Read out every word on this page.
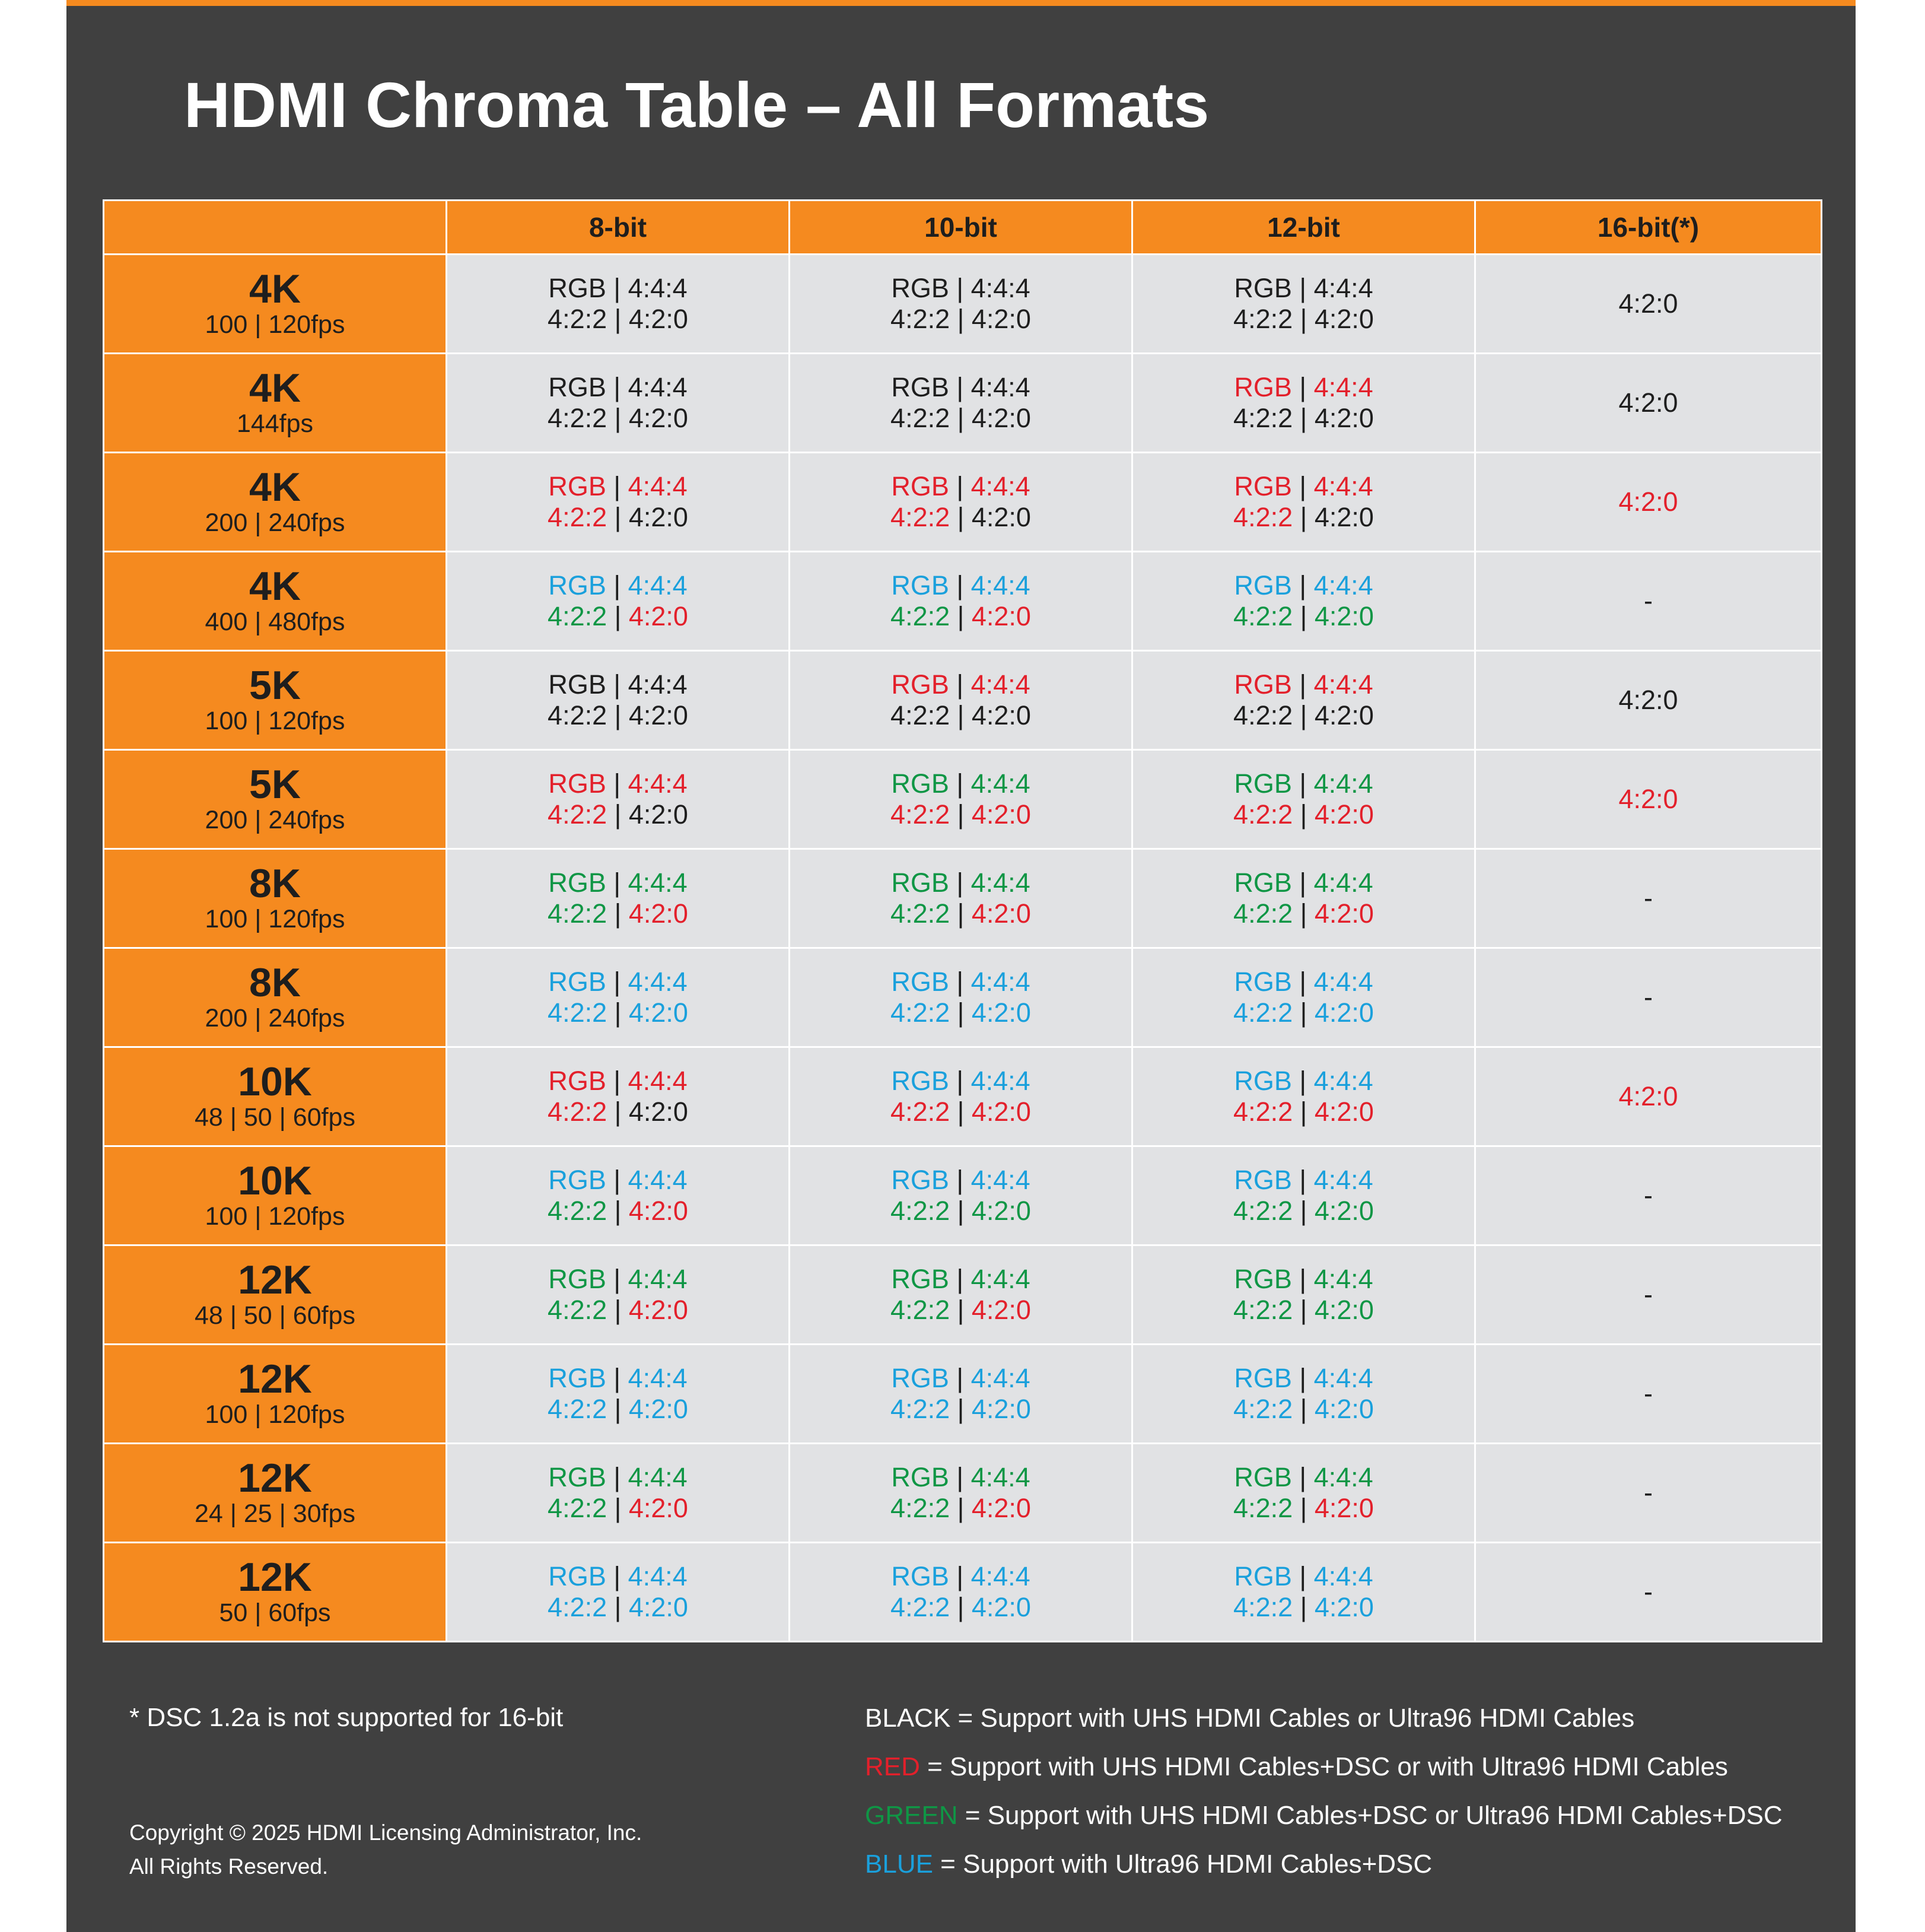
HDMI Chroma Table – All Formats
	8-bit	10-bit	12-bit	16-bit(*)

4K
100 | 120fps	RGB | 4:4:4
4:2:2 | 4:2:0	RGB | 4:4:4
4:2:2 | 4:2:0	RGB | 4:4:4
4:2:2 | 4:2:0	4:2:0

4K
144fps	RGB | 4:4:4
4:2:2 | 4:2:0	RGB | 4:4:4
4:2:2 | 4:2:0	RGB | 4:4:4
4:2:2 | 4:2:0	4:2:0

4K
200 | 240fps	RGB | 4:4:4
4:2:2 | 4:2:0	RGB | 4:4:4
4:2:2 | 4:2:0	RGB | 4:4:4
4:2:2 | 4:2:0	4:2:0

4K
400 | 480fps	RGB | 4:4:4
4:2:2 | 4:2:0	RGB | 4:4:4
4:2:2 | 4:2:0	RGB | 4:4:4
4:2:2 | 4:2:0	-

5K
100 | 120fps	RGB | 4:4:4
4:2:2 | 4:2:0	RGB | 4:4:4
4:2:2 | 4:2:0	RGB | 4:4:4
4:2:2 | 4:2:0	4:2:0

5K
200 | 240fps	RGB | 4:4:4
4:2:2 | 4:2:0	RGB | 4:4:4
4:2:2 | 4:2:0	RGB | 4:4:4
4:2:2 | 4:2:0	4:2:0

8K
100 | 120fps	RGB | 4:4:4
4:2:2 | 4:2:0	RGB | 4:4:4
4:2:2 | 4:2:0	RGB | 4:4:4
4:2:2 | 4:2:0	-

8K
200 | 240fps	RGB | 4:4:4
4:2:2 | 4:2:0	RGB | 4:4:4
4:2:2 | 4:2:0	RGB | 4:4:4
4:2:2 | 4:2:0	-

10K
48 | 50 | 60fps	RGB | 4:4:4
4:2:2 | 4:2:0	RGB | 4:4:4
4:2:2 | 4:2:0	RGB | 4:4:4
4:2:2 | 4:2:0	4:2:0

10K
100 | 120fps	RGB | 4:4:4
4:2:2 | 4:2:0	RGB | 4:4:4
4:2:2 | 4:2:0	RGB | 4:4:4
4:2:2 | 4:2:0	-

12K
48 | 50 | 60fps	RGB | 4:4:4
4:2:2 | 4:2:0	RGB | 4:4:4
4:2:2 | 4:2:0	RGB | 4:4:4
4:2:2 | 4:2:0	-

12K
100 | 120fps	RGB | 4:4:4
4:2:2 | 4:2:0	RGB | 4:4:4
4:2:2 | 4:2:0	RGB | 4:4:4
4:2:2 | 4:2:0	-

12K
24 | 25 | 30fps	RGB | 4:4:4
4:2:2 | 4:2:0	RGB | 4:4:4
4:2:2 | 4:2:0	RGB | 4:4:4
4:2:2 | 4:2:0	-

12K
50 | 60fps	RGB | 4:4:4
4:2:2 | 4:2:0	RGB | 4:4:4
4:2:2 | 4:2:0	RGB | 4:4:4
4:2:2 | 4:2:0	-
* DSC 1.2a is not supported for 16-bit
Copyright © 2025 HDMI Licensing Administrator, Inc.
All Rights Reserved.
BLACK = Support with UHS HDMI Cables or Ultra96 HDMI Cables
RED = Support with UHS HDMI Cables+DSC or with Ultra96 HDMI Cables
GREEN = Support with UHS HDMI Cables+DSC or Ultra96 HDMI Cables+DSC
BLUE = Support with Ultra96 HDMI Cables+DSC
